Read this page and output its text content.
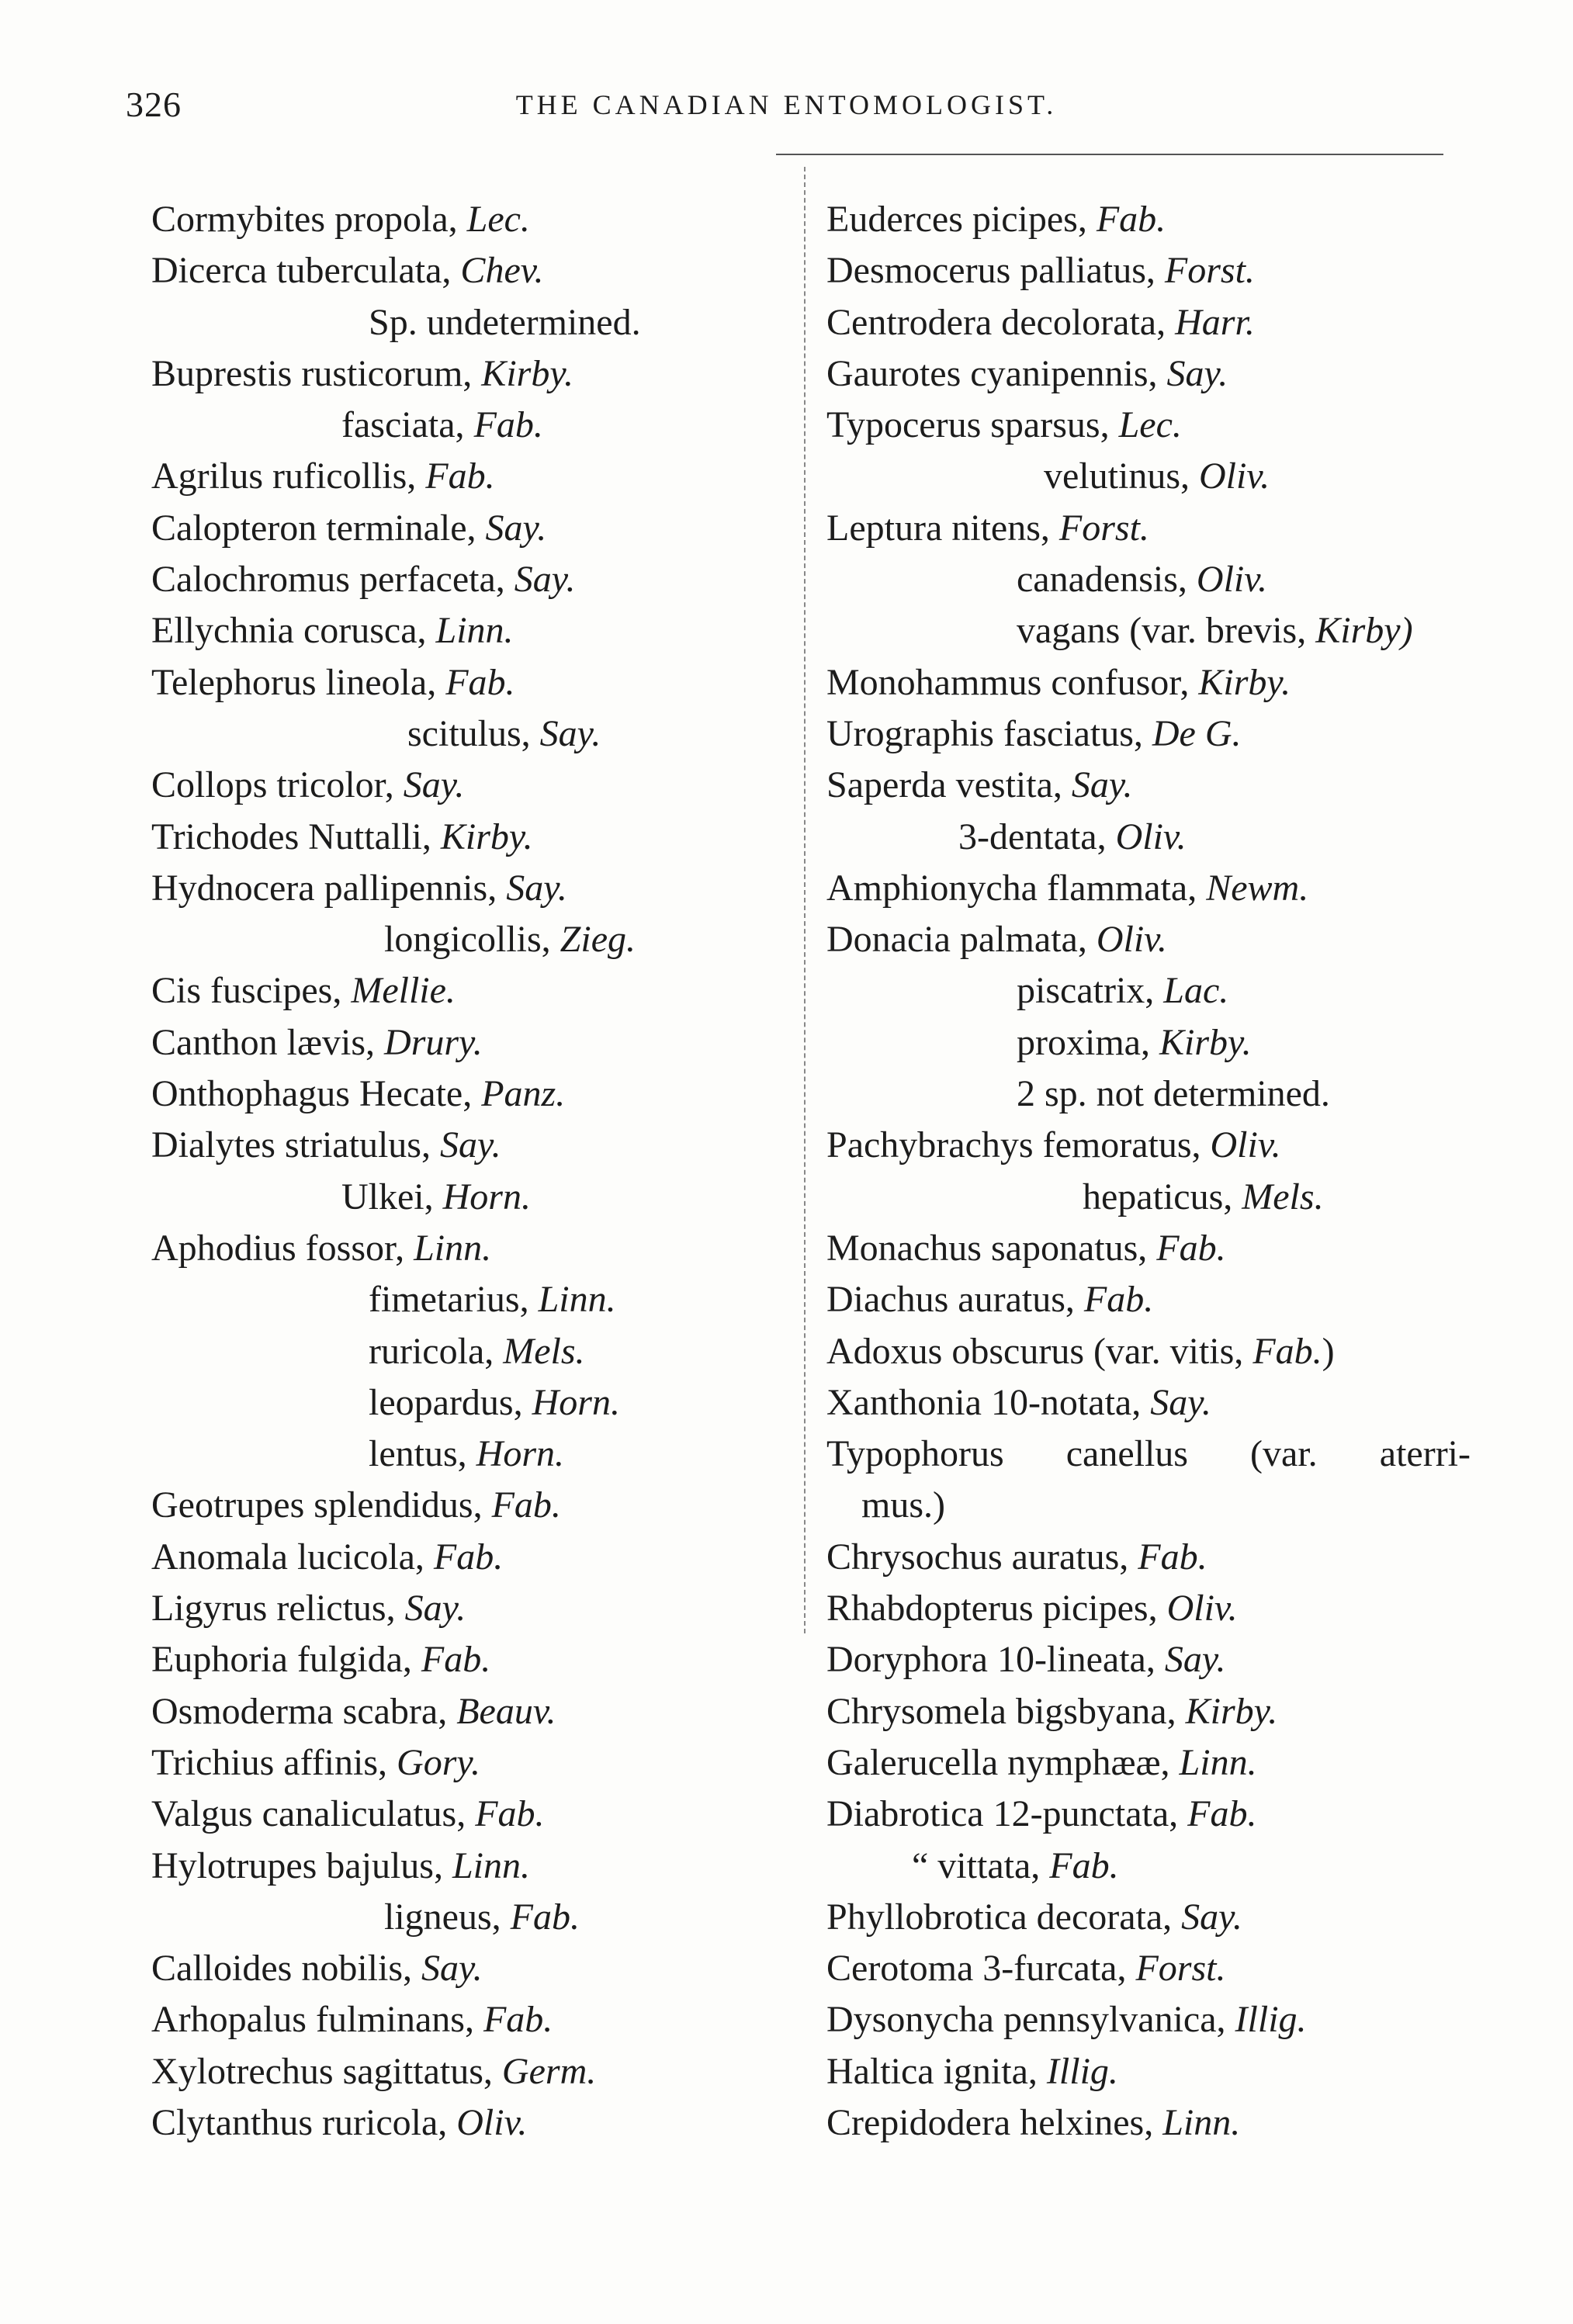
326	THE CANADIAN ENTOMOLOGIST.
Cormybites propola, Lec.
Dicerca tuberculata, Chev.
Sp. undetermined.
Buprestis rusticorum, Kirby.
fasciata, Fab.
Agrilus ruficollis, Fab.
Calopteron terminale, Say.
Calochromus perfaceta, Say.
Ellychnia corusca, Linn.
Telephorus lineola, Fab.
scitulus, Say.
Collops tricolor, Say.
Trichodes Nuttalli, Kirby.
Hydnocera pallipennis, Say.
longicollis, Zieg.
Cis fuscipes, Mellie.
Canthon lævis, Drury.
Onthophagus Hecate, Panz.
Dialytes striatulus, Say.
Ulkei, Horn.
Aphodius fossor, Linn.
fimetarius, Linn.
ruricola, Mels.
leopardus, Horn.
lentus, Horn.
Geotrupes splendidus, Fab.
Anomala lucicola, Fab.
Ligyrus relictus, Say.
Euphoria fulgida, Fab.
Osmoderma scabra, Beauv.
Trichius affinis, Gory.
Valgus canaliculatus, Fab.
Hylotrupes bajulus, Linn.
ligneus, Fab.
Calloides nobilis, Say.
Arhopalus fulminans, Fab.
Xylotrechus sagittatus, Germ.
Clytanthus ruricola, Oliv.
Euderces picipes, Fab.
Desmocerus palliatus, Forst.
Centrodera decolorata, Harr.
Gaurotes cyanipennis, Say.
Typocerus sparsus, Lec.
velutinus, Oliv.
Leptura nitens, Forst.
canadensis, Oliv.
vagans (var. brevis, Kirby)
Monohammus confusor, Kirby.
Urographis fasciatus, De G.
Saperda vestita, Say.
3-dentata, Oliv.
Amphionycha flammata, Newm.
Donacia palmata, Oliv.
piscatrix, Lac.
proxima, Kirby.
2 sp. not determined.
Pachybrachys femoratus, Oliv.
hepaticus, Mels.
Monachus saponatus, Fab.
Diachus auratus, Fab.
Adoxus obscurus (var. vitis, Fab.)
Xanthonia 10-notata, Say.
Typophorus canellus (var. aterri-
mus.)
Chrysochus auratus, Fab.
Rhabdopterus picipes, Oliv.
Doryphora 10-lineata, Say.
Chrysomela bigsbyana, Kirby.
Galerucella nymphææ, Linn.
Diabrotica 12-punctata, Fab.
“ vittata, Fab.
Phyllobrotica decorata, Say.
Cerotoma 3-furcata, Forst.
Dysonycha pennsylvanica, Illig.
Haltica ignita, Illig.
Crepidodera helxines, Linn.
